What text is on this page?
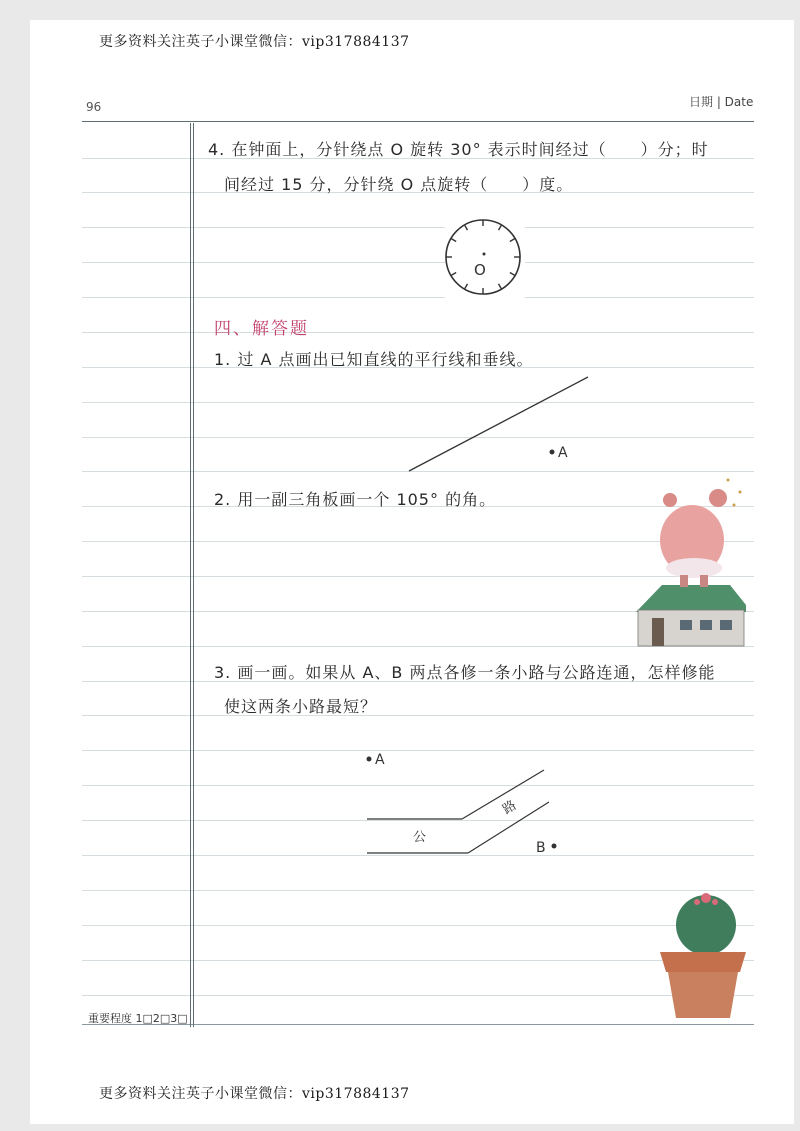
更多资料关注英子小课堂微信：vip317884137
更多资料关注英子小课堂微信：vip317884137
96	日期 | Date
4. 在钟面上，分针绕点 O 旋转 30° 表示时间经过（　　）分；时
间经过 15 分，分针绕 O 点旋转（　　）度。
四、解答题
1. 过 A 点画出已知直线的平行线和垂线。
2. 用一副三角板画一个 105° 的角。
3. 画一画。如果从 A、B 两点各修一条小路与公路连通，怎样修能
使这两条小路最短？
重要程度 1□2□3□
O
A
A
公
路
B
